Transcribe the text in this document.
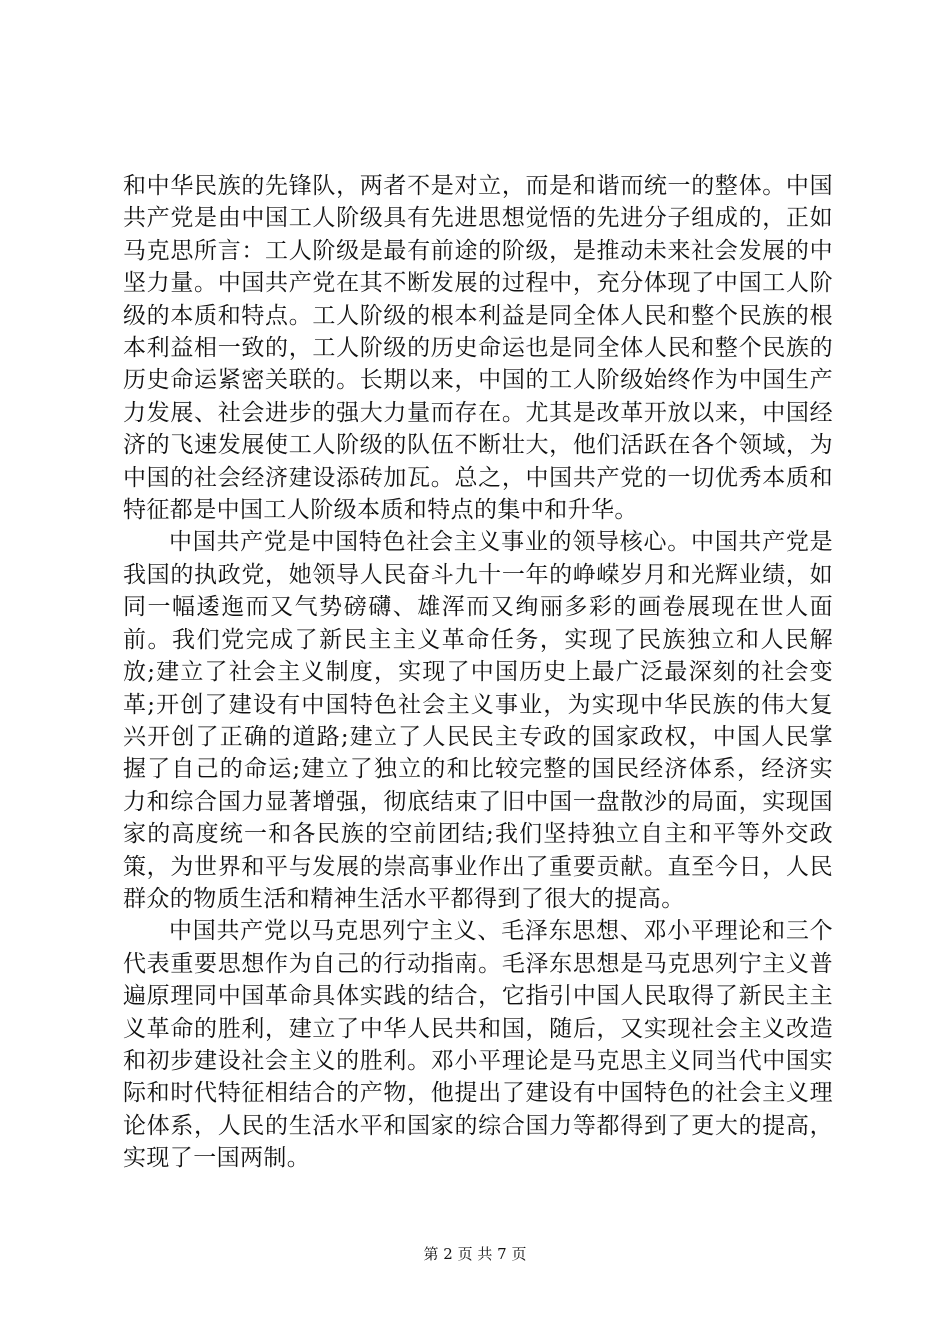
和中华民族的先锋队，两者不是对立，而是和谐而统一的整体。中国共产党是由中国工人阶级具有先进思想觉悟的先进分子组成的，正如马克思所言：工人阶级是最有前途的阶级，是推动未来社会发展的中坚力量。中国共产党在其不断发展的过程中，充分体现了中国工人阶级的本质和特点。工人阶级的根本利益是同全体人民和整个民族的根本利益相一致的，工人阶级的历史命运也是同全体人民和整个民族的历史命运紧密关联的。长期以来，中国的工人阶级始终作为中国生产力发展、社会进步的强大力量而存在。尤其是改革开放以来，中国经济的飞速发展使工人阶级的队伍不断壮大，他们活跃在各个领域，为中国的社会经济建设添砖加瓦。总之，中国共产党的一切优秀本质和特征都是中国工人阶级本质和特点的集中和升华。

中国共产党是中国特色社会主义事业的领导核心。中国共产党是我国的执政党，她领导人民奋斗九十一年的峥嵘岁月和光辉业绩，如同一幅逶迤而又气势磅礴、雄浑而又绚丽多彩的画卷展现在世人面前。我们党完成了新民主主义革命任务，实现了民族独立和人民解放;建立了社会主义制度，实现了中国历史上最广泛最深刻的社会变革;开创了建设有中国特色社会主义事业，为实现中华民族的伟大复兴开创了正确的道路;建立了人民民主专政的国家政权，中国人民掌握了自己的命运;建立了独立的和比较完整的国民经济体系，经济实力和综合国力显著增强，彻底结束了旧中国一盘散沙的局面，实现国家的高度统一和各民族的空前团结;我们坚持独立自主和平等外交政策，为世界和平与发展的崇高事业作出了重要贡献。直至今日，人民群众的物质生活和精神生活水平都得到了很大的提高。

中国共产党以马克思列宁主义、毛泽东思想、邓小平理论和三个代表重要思想作为自己的行动指南。毛泽东思想是马克思列宁主义普遍原理同中国革命具体实践的结合，它指引中国人民取得了新民主主义革命的胜利，建立了中华人民共和国，随后，又实现社会主义改造和初步建设社会主义的胜利。邓小平理论是马克思主义同当代中国实际和时代特征相结合的产物，他提出了建设有中国特色的社会主义理论体系，人民的生活水平和国家的综合国力等都得到了更大的提高，实现了一国两制。

第 2 页 共 7 页
